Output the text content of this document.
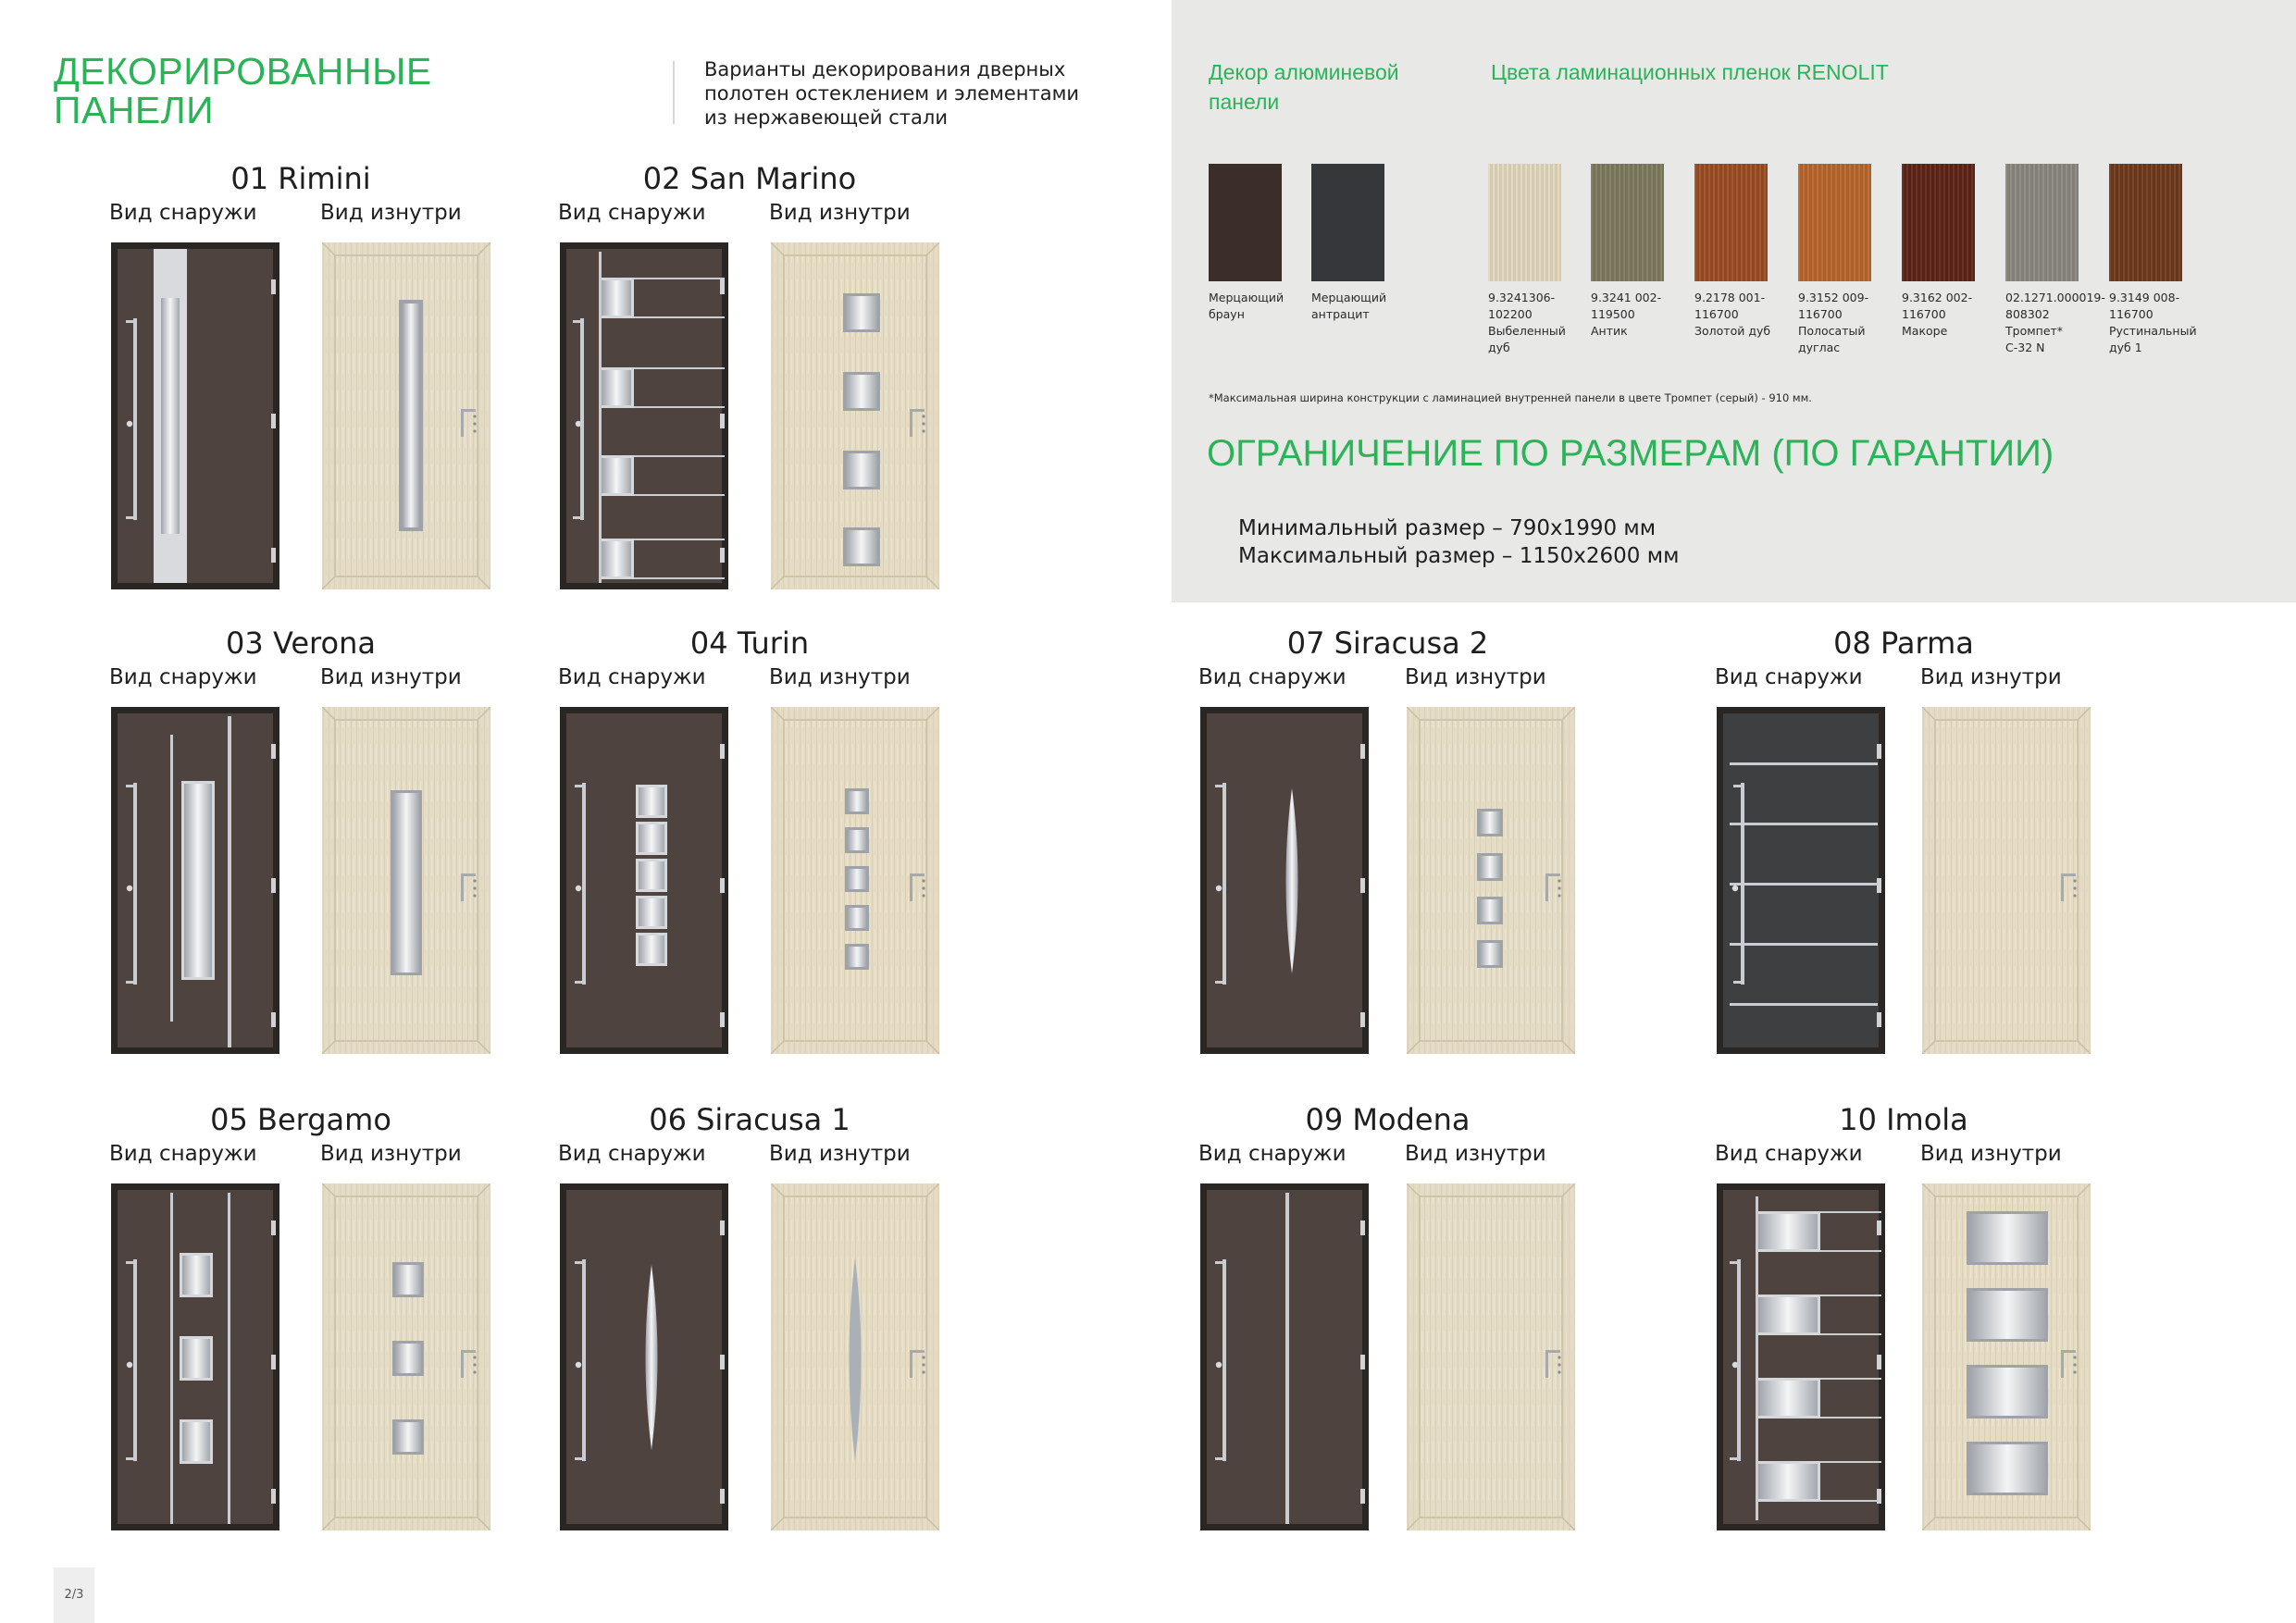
ДЕКОРИРОВАННЫЕ
ПАНЕЛИ
Варианты декорирования дверных
полотен остеклением и элементами
из нержавеющей стали
Декор алюминевой
панели
Цвета ламинационных пленок RENOLIT
Мерцающий
браун
Мерцающий
антрацит
9.3241306-
102200
Выбеленный
дуб
9.3241 002-
119500
Антик
9.2178 001-
116700
Золотой дуб
9.3152 009-
116700
Полосатый
дуглас
9.3162 002-
116700
Макоре
02.1271.000019-
808302
Тромпет*
C-32 N
9.3149 008-
116700
Рустинальный
дуб 1
*Максимальная ширина конструкции с ламинацией внутренней панели в цвете Тромпет (серый) - 910 мм.
ОГРАНИЧЕНИЕ ПО РАЗМЕРАМ (ПО ГАРАНТИИ)
Минимальный размер – 790x1990 мм
Максимальный размер – 1150x2600 мм
01 Rimini
Вид снаружи	Вид изнутри
02 San Marino
Вид снаружи	Вид изнутри
03 Verona
Вид снаружи	Вид изнутри
04 Turin
Вид снаружи	Вид изнутри
05 Bergamo
Вид снаружи	Вид изнутри
06 Siracusa 1
Вид снаружи	Вид изнутри
07 Siracusa 2
Вид снаружи	Вид изнутри
08 Parma
Вид снаружи	Вид изнутри
09 Modena
Вид снаружи	Вид изнутри
10 Imola
Вид снаружи	Вид изнутри
2/3
